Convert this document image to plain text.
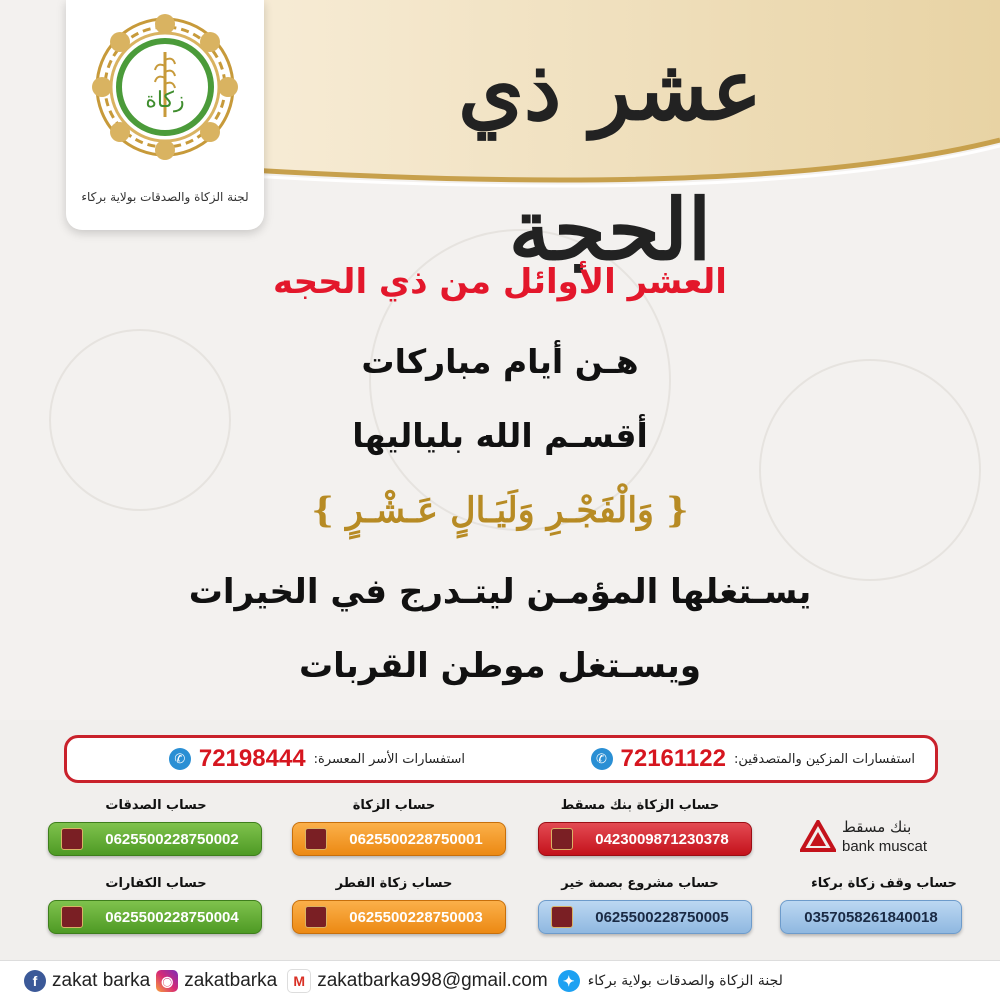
زكاة
لجنة الزكاة والصدقات بولاية بركاء
عشر ذي الحجة
العشر الأوائل من ذي الحجه
هـن أيام مباركات
أقسـم الله بلياليها
{ وَالْفَجْـرِ وَلَيَـالٍ عَـشْـرٍ }
يسـتغلها المؤمـن ليتـدرج في الخيرات
ويسـتغل موطن القربات
استفسارات المزكين والمتصدقين:
72161122
✆
استفسارات الأسر المعسرة:
72198444
✆
حساب الزكاة بنك مسقط
0423009871230378
حساب الزكاة
0625500228750001
حساب الصدقات
0625500228750002
بنك مسقط
bank muscat
حساب وقف زكاة بركاء
0357058261840018
حساب مشروع بصمة خير
0625500228750005
حساب زكاة الفطر
0625500228750003
حساب الكفارات
0625500228750004
f zakat barka ◉ zakatbarka	M zakatbarka998@gmail.com	✦ لجنة الزكاة والصدقات بولاية بركاء
